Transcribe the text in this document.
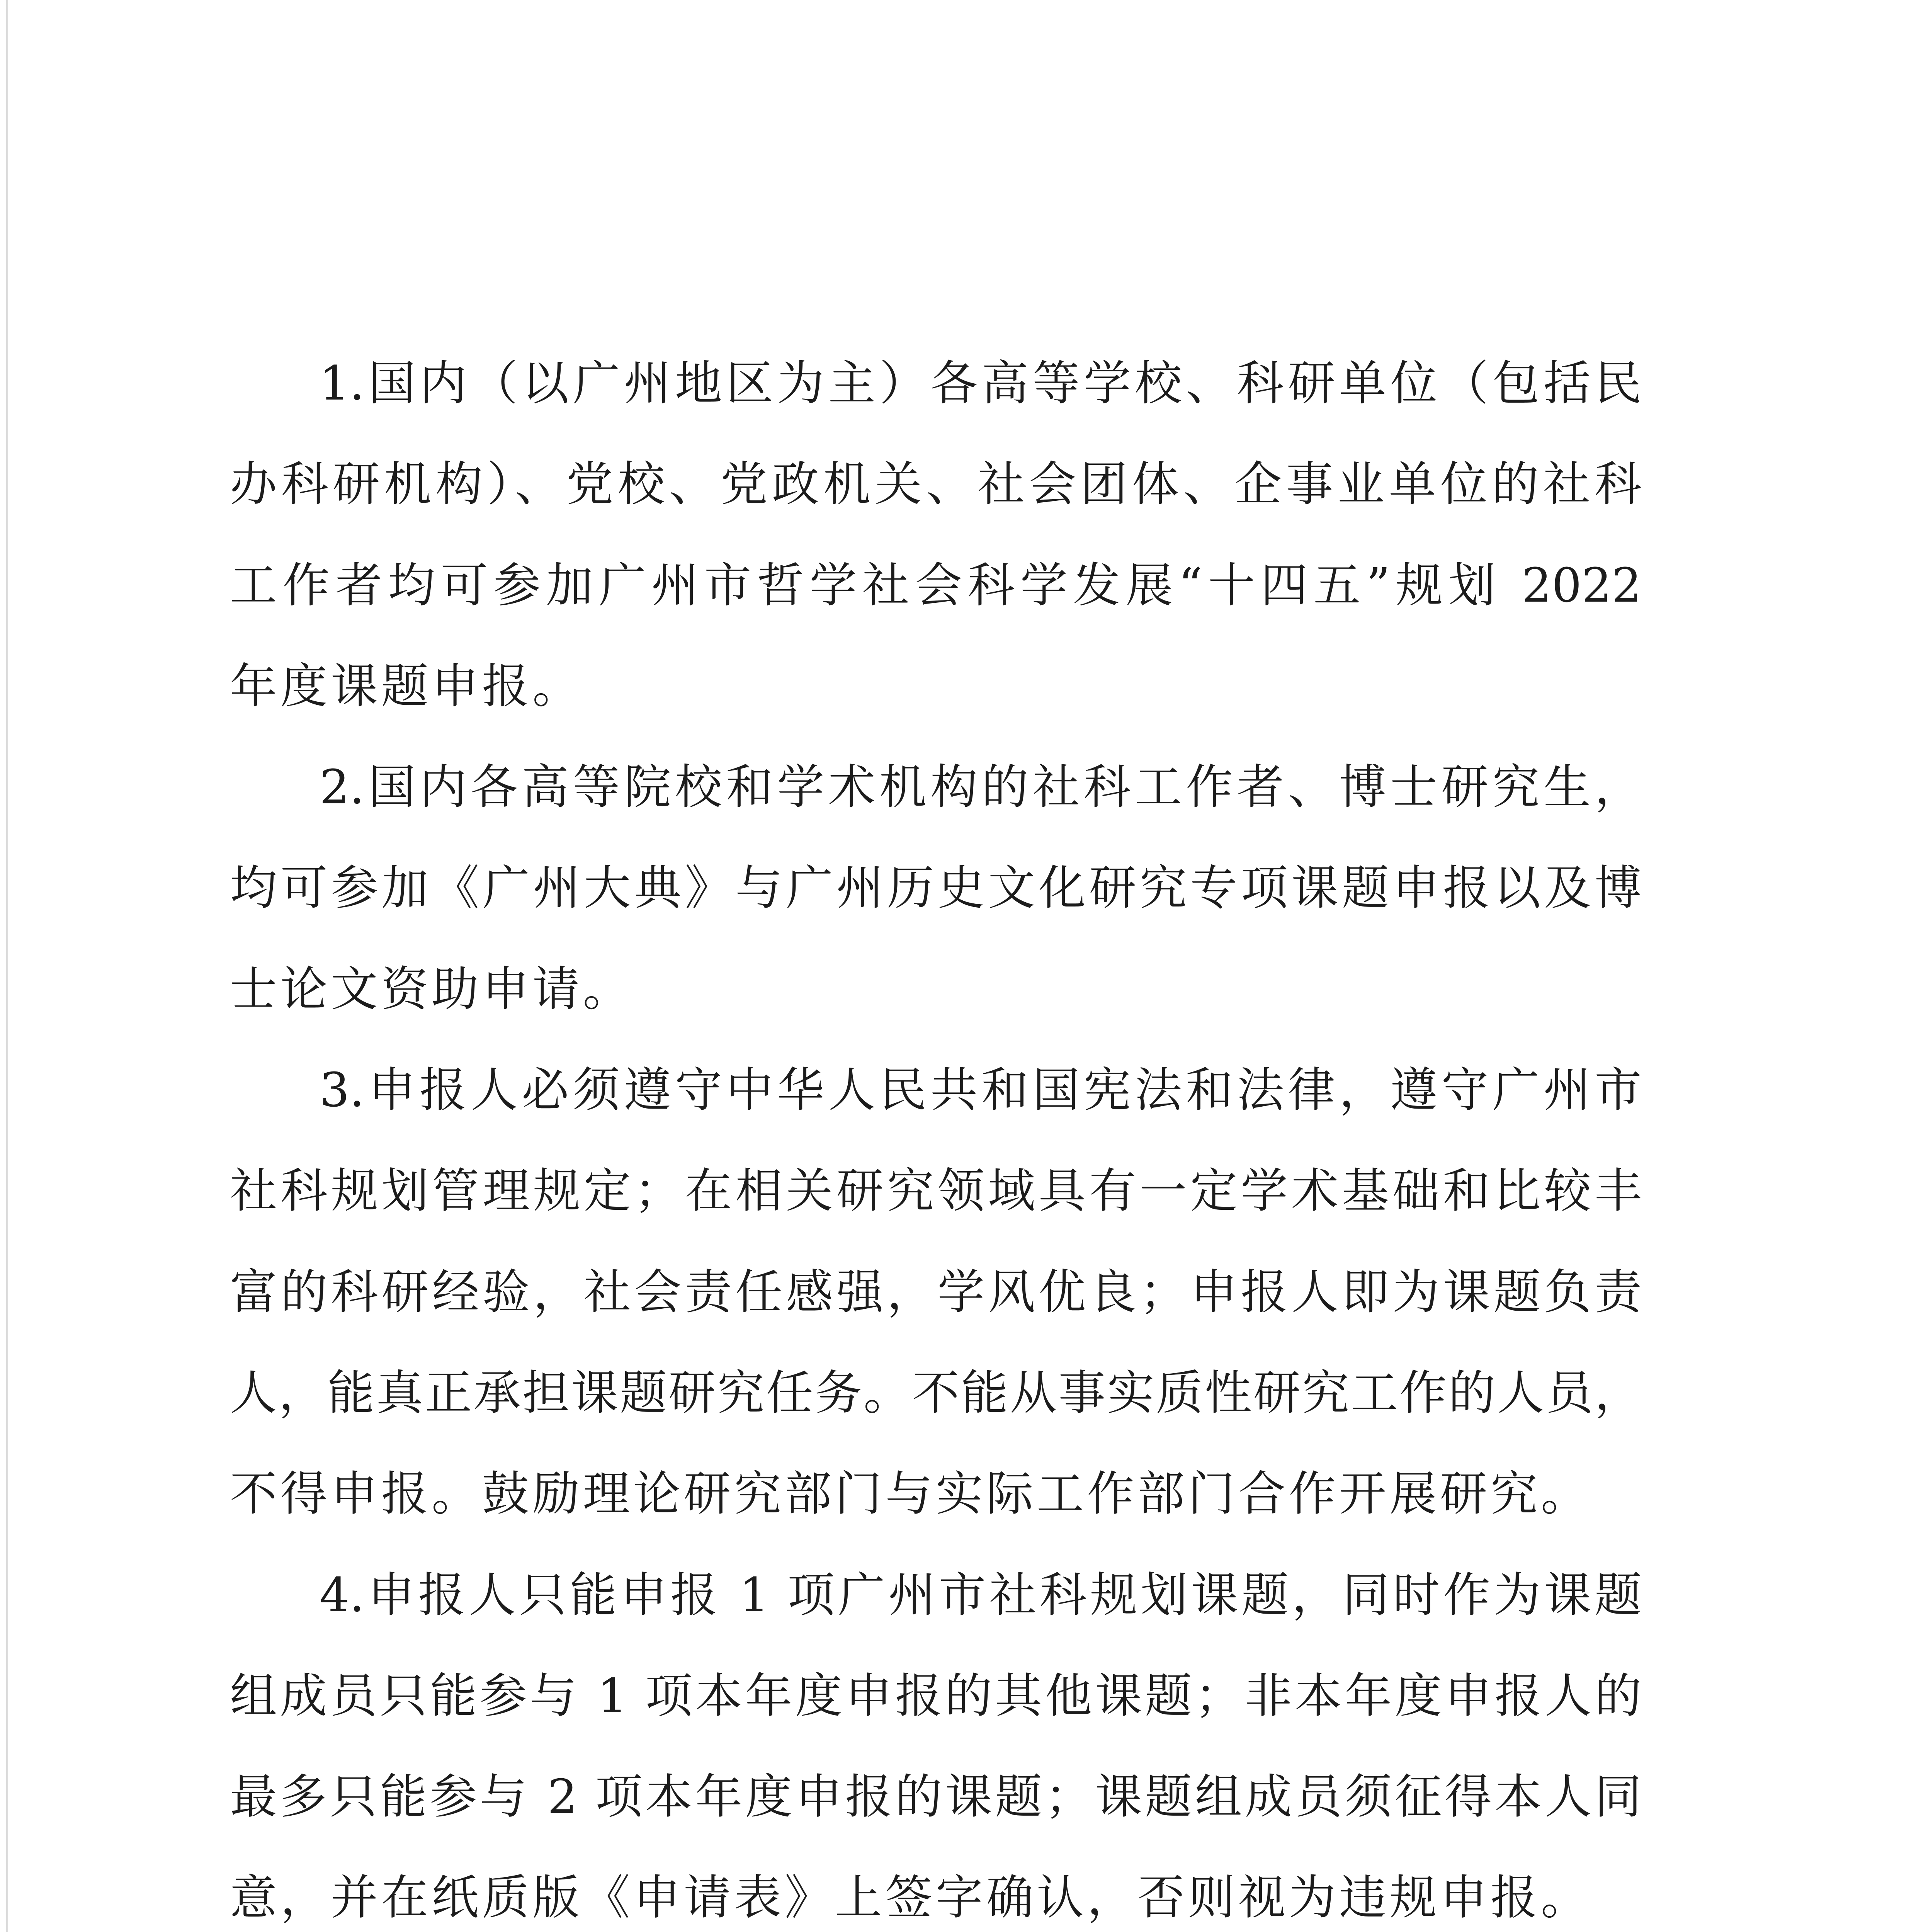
1.国内（以广州地区为主）各高等学校、科研单位（包括民
办科研机构）、党校、党政机关、社会团体、企事业单位的社科
工作者均可参加广州市哲学社会科学发展“十四五”规划 2022
年度课题申报。
2.国内各高等院校和学术机构的社科工作者、博士研究生，
均可参加《广州大典》与广州历史文化研究专项课题申报以及博
士论文资助申请。
3.申报人必须遵守中华人民共和国宪法和法律，遵守广州市
社科规划管理规定；在相关研究领域具有一定学术基础和比较丰
富的科研经验，社会责任感强，学风优良；申报人即为课题负责
人，能真正承担课题研究任务。不能从事实质性研究工作的人员，
不得申报。鼓励理论研究部门与实际工作部门合作开展研究。
4.申报人只能申报 1 项广州市社科规划课题，同时作为课题
组成员只能参与 1 项本年度申报的其他课题；非本年度申报人的
最多只能参与 2 项本年度申报的课题；课题组成员须征得本人同
意，并在纸质版《申请表》上签字确认，否则视为违规申报。
